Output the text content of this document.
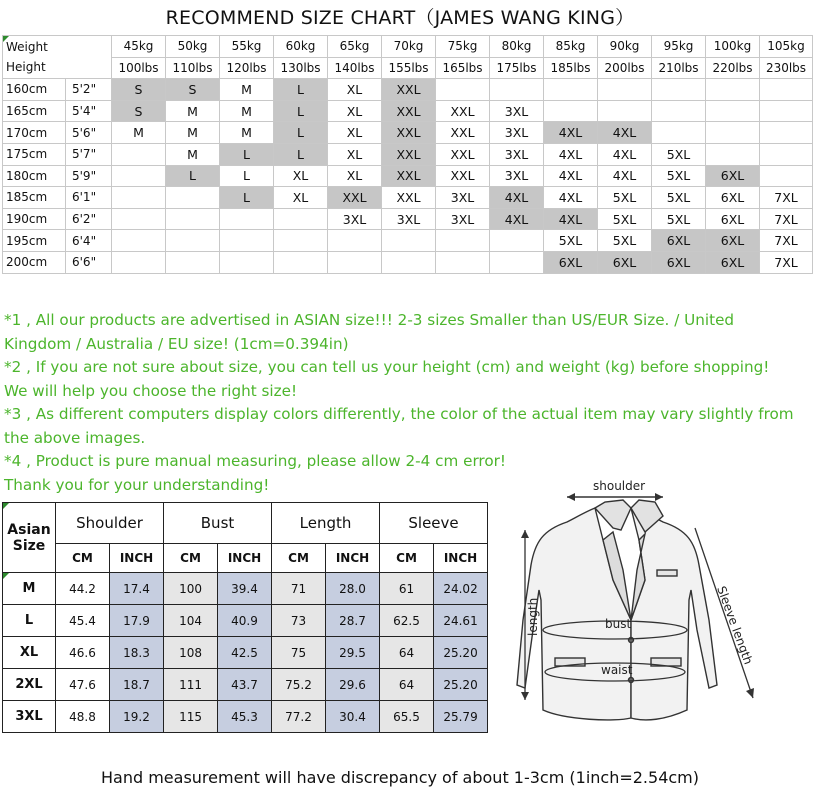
RECOMMEND SIZE CHART（JAMES WANG KING）
Weight
Height		45kg	50kg	55kg	60kg	65kg	70kg	75kg	80kg	85kg	90kg	95kg	100kg	105kg
		100lbs	110lbs	120lbs	130lbs	140lbs	155lbs	165lbs	175lbs	185lbs	200lbs	210lbs	220lbs	230lbs
160cm	5'2"	S	S	M	L	XL	XXL							
165cm	5'4"	S	M	M	L	XL	XXL	XXL	3XL					
170cm	5'6"	M	M	M	L	XL	XXL	XXL	3XL	4XL	4XL			
175cm	5'7"		M	L	L	XL	XXL	XXL	3XL	4XL	4XL	5XL		
180cm	5'9"		L	L	XL	XL	XXL	XXL	3XL	4XL	4XL	5XL	6XL	
185cm	6'1"			L	XL	XXL	XXL	3XL	4XL	4XL	5XL	5XL	6XL	7XL
190cm	6'2"					3XL	3XL	3XL	4XL	4XL	5XL	5XL	6XL	7XL
195cm	6'4"									5XL	5XL	6XL	6XL	7XL
200cm	6'6"									6XL	6XL	6XL	6XL	7XL
*1 , All our products are advertised in ASIAN size!!! 2-3 sizes Smaller than US/EUR Size. / United Kingdom / Australia / EU size! (1cm=0.394in)
*2 , If you are not sure about size, you can tell us your height (cm) and weight (kg) before shopping! We will help you choose the right size!
*3 , As different computers display colors differently, the color of the actual item may vary slightly from the above images.
*4 , Product is pure manual measuring, please allow 2-4 cm error!
Thank you for your understanding!
Asian
Size	Shoulder		Bust		Length		Sleeve	
	CM	INCH	CM	INCH	CM	INCH	CM	INCH
M	44.2	17.4	100	39.4	71	28.0	61	24.02
L	45.4	17.9	104	40.9	73	28.7	62.5	24.61
XL	46.6	18.3	108	42.5	75	29.5	64	25.20
2XL	47.6	18.7	111	43.7	75.2	29.6	64	25.20
3XL	48.8	19.2	115	45.3	77.2	30.4	65.5	25.79
shoulder
bust
waist
length	Sleeve length
Hand measurement will have discrepancy of about 1-3cm (1inch=2.54cm)
